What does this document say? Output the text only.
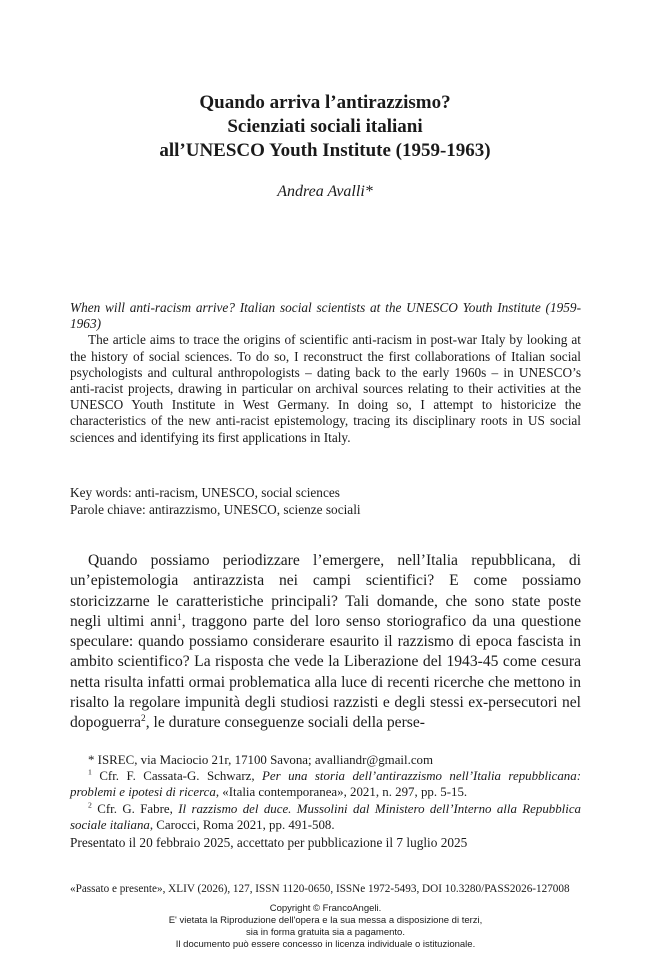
Quando arriva l’antirazzismo?
Scienziati sociali italiani
all’UNESCO Youth Institute (1959-1963)
Andrea Avalli*
When will anti-racism arrive? Italian social scientists at the UNESCO Youth Institute (1959-1963)
The article aims to trace the origins of scientific anti-racism in post-war Italy by looking at the history of social sciences. To do so, I reconstruct the first collaborations of Italian social psychologists and cultural anthropologists – dating back to the early 1960s – in UNESCO’s anti-racist projects, drawing in particular on archival sources relating to their activities at the UNESCO Youth Institute in West Germany. In doing so, I attempt to historicize the characteristics of the new anti-racist epistemology, tracing its disciplinary roots in US social sciences and identifying its first applications in Italy.
Key words: anti-racism, UNESCO, social sciences
Parole chiave: antirazzismo, UNESCO, scienze sociali
Quando possiamo periodizzare l’emergere, nell’Italia repubblicana, di un’epistemologia antirazzista nei campi scientifici? E come possiamo storicizzarne le caratteristiche principali? Tali domande, che sono state poste negli ultimi anni$^1$, traggono parte del loro senso storiografico da una questione speculare: quando possiamo considerare esaurito il razzismo di epoca fascista in ambito scientifico? La risposta che vede la Liberazione del 1943-45 come cesura netta risulta infatti ormai problematica alla luce di recenti ricerche che mettono in risalto la regolare impunità degli studiosi razzisti e degli stessi ex-persecutori nel dopoguerra$^2$, le durature conseguenze sociali della perse-
* ISREC, via Maciocio 21r, 17100 Savona; avalliandr@gmail.com
$^1$ Cfr. F. Cassata-G. Schwarz, Per una storia dell’antirazzismo nell’Italia repubblicana: problemi e ipotesi di ricerca, «Italia contemporanea», 2021, n. 297, pp. 5-15.
$^2$ Cfr. G. Fabre, Il razzismo del duce. Mussolini dal Ministero dell’Interno alla Repubblica sociale italiana, Carocci, Roma 2021, pp. 491-508.
Presentato il 20 febbraio 2025, accettato per pubblicazione il 7 luglio 2025
«Passato e presente», XLIV (2026), 127, ISSN 1120-0650, ISSNe 1972-5493, DOI 10.3280/PASS2026-127008
Copyright © FrancoAngeli.
E' vietata la Riproduzione dell'opera e la sua messa a disposizione di terzi,
sia in forma gratuita sia a pagamento.
Il documento può essere concesso in licenza individuale o istituzionale.
